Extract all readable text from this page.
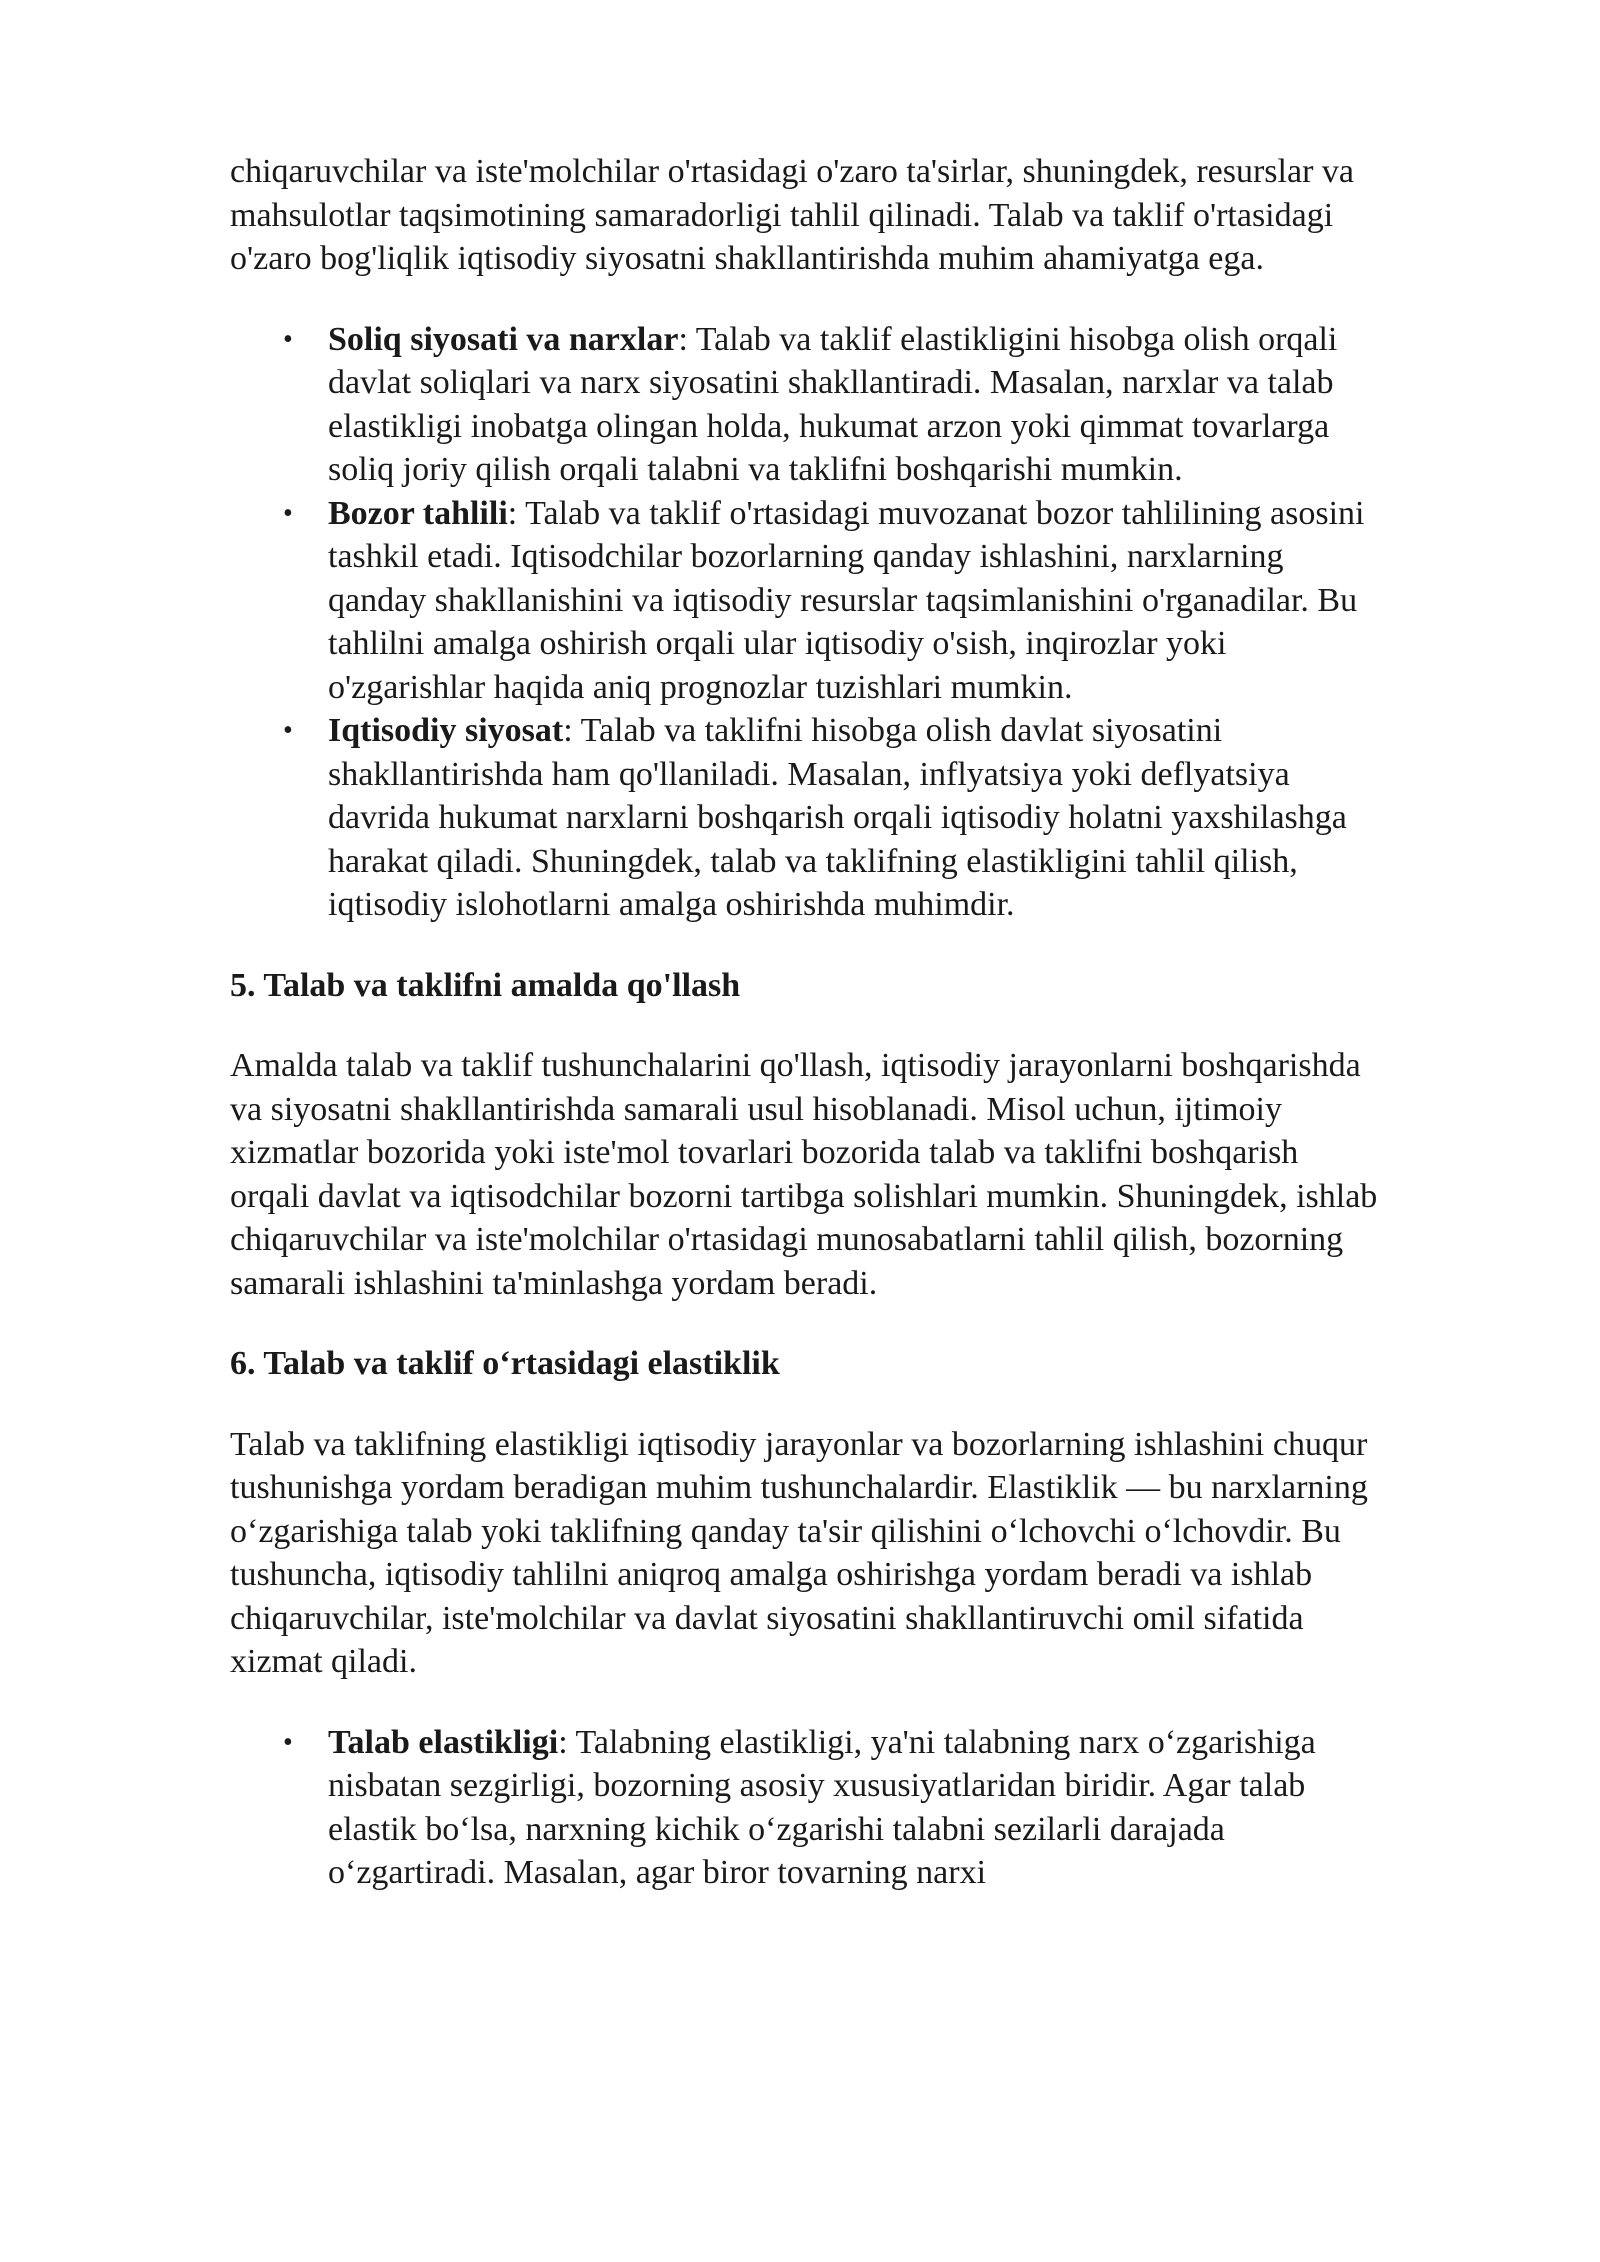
chiqaruvchilar va iste'molchilar o'rtasidagi o'zaro ta'sirlar, shuningdek, resurslar va mahsulotlar taqsimotining samaradorligi tahlil qilinadi. Talab va taklif o'rtasidagi o'zaro bog'liqlik iqtisodiy siyosatni shakllantirishda muhim ahamiyatga ega.

•	Soliq siyosati va narxlar: Talab va taklif elastikligini hisobga olish orqali davlat soliqlari va narx siyosatini shakllantiradi. Masalan, narxlar va talab elastikligi inobatga olingan holda, hukumat arzon yoki qimmat tovarlarga soliq joriy qilish orqali talabni va taklifni boshqarishi mumkin.
•	Bozor tahlili: Talab va taklif o'rtasidagi muvozanat bozor tahlilining asosini tashkil etadi. Iqtisodchilar bozorlarning qanday ishlashini, narxlarning qanday shakllanishini va iqtisodiy resurslar taqsimlanishini o'rganadilar. Bu tahlilni amalga oshirish orqali ular iqtisodiy o'sish, inqirozlar yoki o'zgarishlar haqida aniq prognozlar tuzishlari mumkin.
•	Iqtisodiy siyosat: Talab va taklifni hisobga olish davlat siyosatini shakllantirishda ham qo'llaniladi. Masalan, inflyatsiya yoki deflyatsiya davrida hukumat narxlarni boshqarish orqali iqtisodiy holatni yaxshilashga harakat qiladi. Shuningdek, talab va taklifning elastikligini tahlil qilish, iqtisodiy islohotlarni amalga oshirishda muhimdir.
5. Talab va taklifni amalda qo'llash

Amalda talab va taklif tushunchalarini qo'llash, iqtisodiy jarayonlarni boshqarishda va siyosatni shakllantirishda samarali usul hisoblanadi. Misol uchun, ijtimoiy xizmatlar bozorida yoki iste'mol tovarlari bozorida talab va taklifni boshqarish orqali davlat va iqtisodchilar bozorni tartibga solishlari mumkin. Shuningdek, ishlab chiqaruvchilar va iste'molchilar o'rtasidagi munosabatlarni tahlil qilish, bozorning samarali ishlashini ta'minlashga yordam beradi.

6. Talab va taklif o‘rtasidagi elastiklik

Talab va taklifning elastikligi iqtisodiy jarayonlar va bozorlarning ishlashini chuqur tushunishga yordam beradigan muhim tushunchalardir. Elastiklik — bu narxlarning o‘zgarishiga talab yoki taklifning qanday ta'sir qilishini o‘lchovchi o‘lchovdir. Bu tushuncha, iqtisodiy tahlilni aniqroq amalga oshirishga yordam beradi va ishlab chiqaruvchilar, iste'molchilar va davlat siyosatini shakllantiruvchi omil sifatida xizmat qiladi.

•	Talab elastikligi: Talabning elastikligi, ya'ni talabning narx o‘zgarishiga nisbatan sezgirligi, bozorning asosiy xususiyatlaridan biridir. Agar talab elastik bo‘lsa, narxning kichik o‘zgarishi talabni sezilarli darajada o‘zgartiradi. Masalan, agar biror tovarning narxi
